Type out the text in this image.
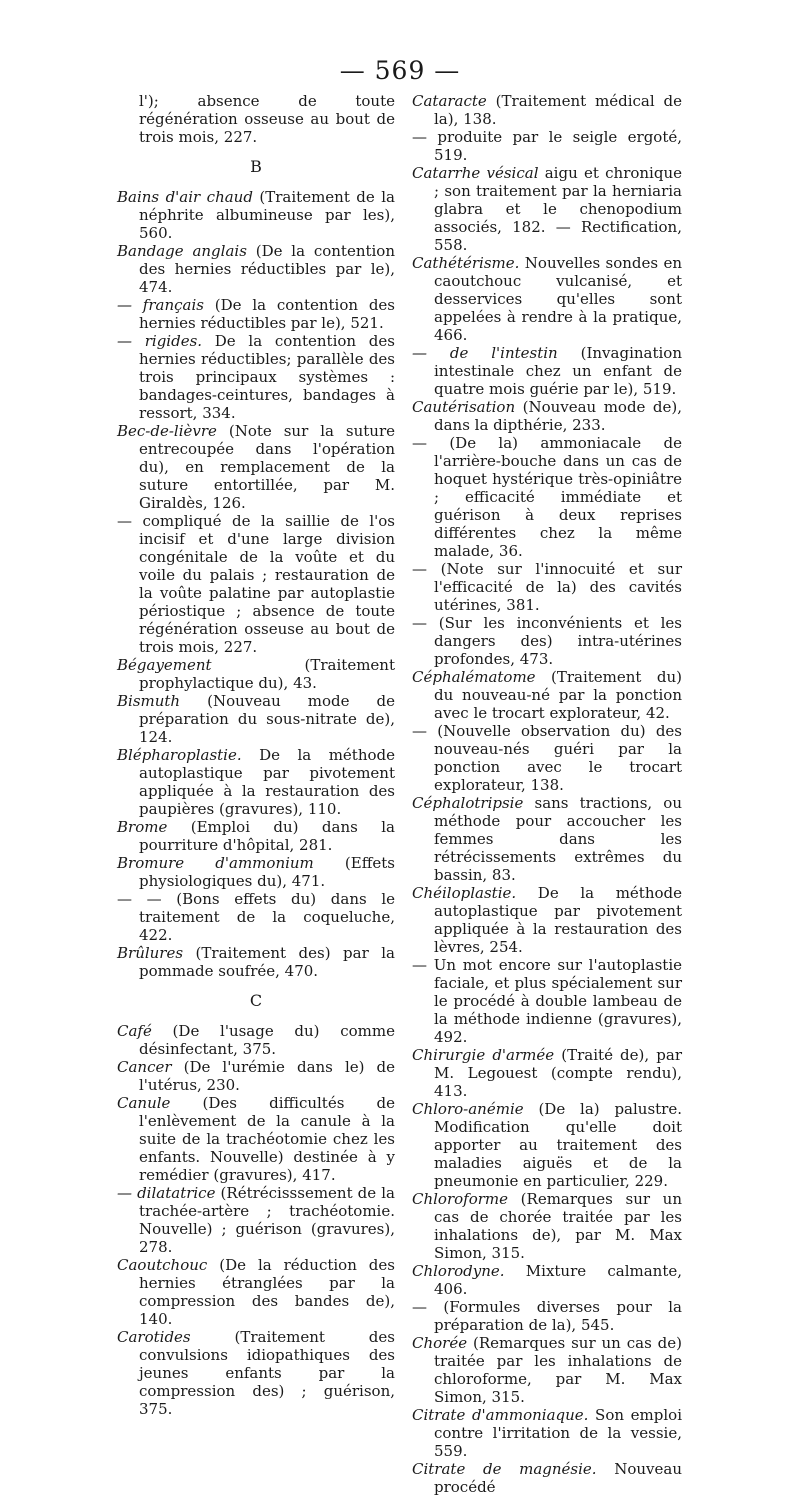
— 569 —

l'); absence de toute régénération osseuse au bout de trois mois, 227.

B

Bains d'air chaud (Traitement de la néphrite albumineuse par les), 560.

Bandage anglais (De la contention des hernies réductibles par le), 474.

— français (De la contention des hernies réductibles par le), 521.

— rigides. De la contention des hernies réductibles; parallèle des trois principaux systèmes : bandages-ceintures, bandages à ressort, 334.

Bec-de-lièvre (Note sur la suture entrecoupée dans l'opération du), en remplacement de la suture entortillée, par M. Giraldès, 126.

— compliqué de la saillie de l'os incisif et d'une large division congénitale de la voûte et du voile du palais ; restauration de la voûte palatine par autoplastie périostique ; absence de toute régénération osseuse au bout de trois mois, 227.

Bégayement (Traitement prophylactique du), 43.

Bismuth (Nouveau mode de préparation du sous-nitrate de), 124.

Blépharoplastie. De la méthode autoplastique par pivotement appliquée à la restauration des paupières (gravures), 110.

Brome (Emploi du) dans la pourriture d'hôpital, 281.

Bromure d'ammonium (Effets physiologiques du), 471.

— — (Bons effets du) dans le traitement de la coqueluche, 422.

Brûlures (Traitement des) par la pommade soufrée, 470.

C

Café (De l'usage du) comme désinfectant, 375.

Cancer (De l'urémie dans le) de l'utérus, 230.

Canule (Des difficultés de l'enlèvement de la canule à la suite de la trachéotomie chez les enfants. Nouvelle) destinée à y remédier (gravures), 417.

— dilatatrice (Rétrécisssement de la trachée-artère ; trachéotomie. Nouvelle) ; guérison (gravures), 278.

Caoutchouc (De la réduction des hernies étranglées par la compression des bandes de), 140.

Carotides (Traitement des convulsions idiopathiques des jeunes enfants par la compression des) ; guérison, 375.

Cataracte (Traitement médical de la), 138.

— produite par le seigle ergoté, 519.

Catarrhe vésical aigu et chronique ; son traitement par la herniaria glabra et le chenopodium associés, 182. — Rectification, 558.

Cathétérisme. Nouvelles sondes en caoutchouc vulcanisé, et desservices qu'elles sont appelées à rendre à la pratique, 466.

— de l'intestin (Invagination intestinale chez un enfant de quatre mois guérie par le), 519.

Cautérisation (Nouveau mode de), dans la dipthérie, 233.

— (De la) ammoniacale de l'arrière-bouche dans un cas de hoquet hystérique très-opiniâtre ; efficacité immédiate et guérison à deux reprises différentes chez la même malade, 36.

— (Note sur l'innocuité et sur l'efficacité de la) des cavités utérines, 381.

— (Sur les inconvénients et les dangers des) intra-utérines profondes, 473.

Céphalématome (Traitement du) du nouveau-né par la ponction avec le trocart explorateur, 42.

— (Nouvelle observation du) des nouveau-nés guéri par la ponction avec le trocart explorateur, 138.

Céphalotripsie sans tractions, ou méthode pour accoucher les femmes dans les rétrécissements extrêmes du bassin, 83.

Chéiloplastie. De la méthode autoplastique par pivotement appliquée à la restauration des lèvres, 254.

— Un mot encore sur l'autoplastie faciale, et plus spécialement sur le procédé à double lambeau de la méthode indienne (gravures), 492.

Chirurgie d'armée (Traité de), par M. Legouest (compte rendu), 413.

Chloro-anémie (De la) palustre. Modification qu'elle doit apporter au traitement des maladies aiguës et de la pneumonie en particulier, 229.

Chloroforme (Remarques sur un cas de chorée traitée par les inhalations de), par M. Max Simon, 315.

Chlorodyne. Mixture calmante, 406.

— (Formules diverses pour la préparation de la), 545.

Chorée (Remarques sur un cas de) traitée par les inhalations de chloroforme, par M. Max Simon, 315.

Citrate d'ammoniaque. Son emploi contre l'irritation de la vessie, 559.

Citrate de magnésie. Nouveau procédé
